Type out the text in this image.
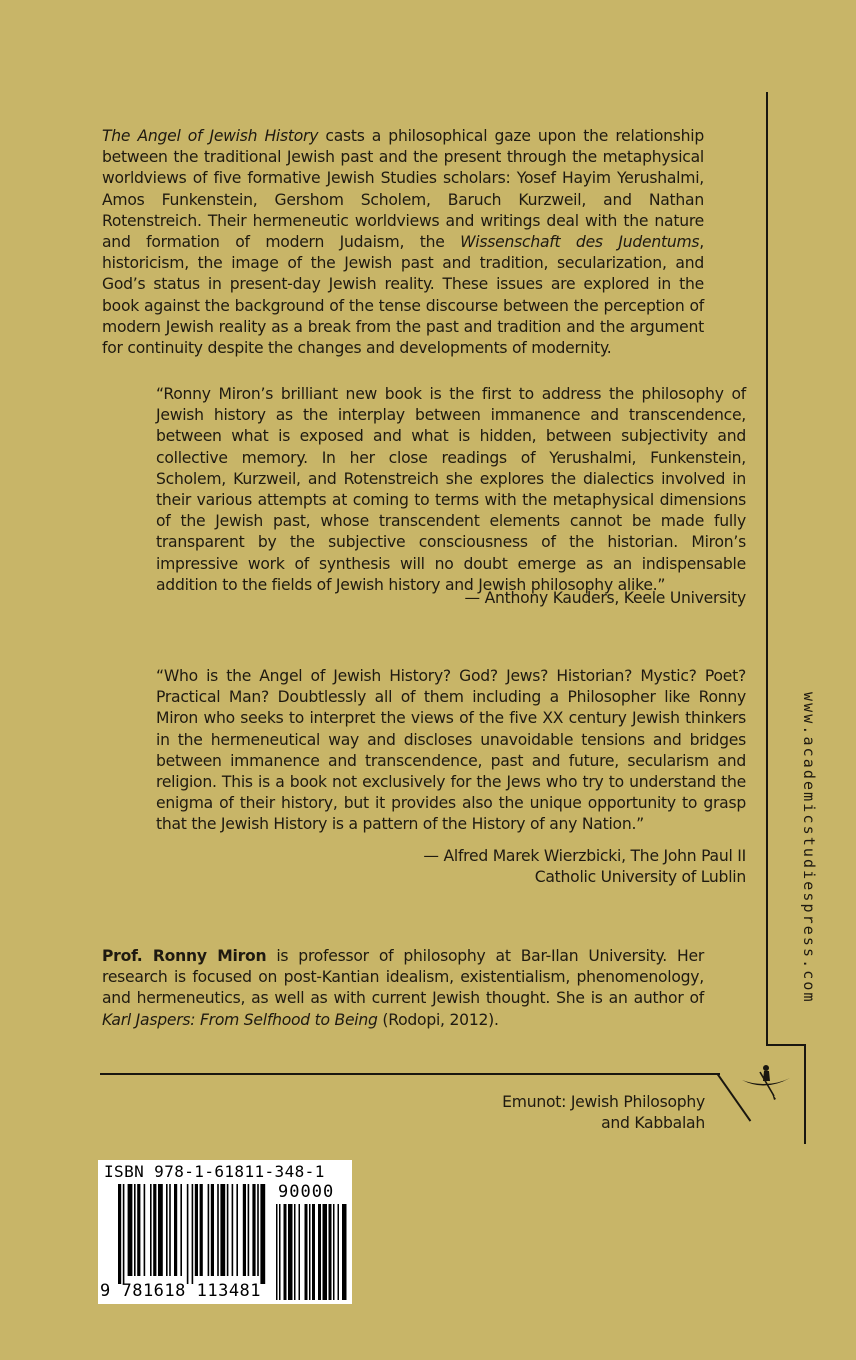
The Angel of Jewish History casts a philosophical gaze upon the relationship between the traditional Jewish past and the present through the metaphysical worldviews of five formative Jewish Studies scholars: Yosef Hayim Yerushalmi, Amos Funkenstein, Gershom Scholem, Baruch Kurzweil, and Nathan Rotenstreich. Their hermeneutic worldviews and writings deal with the nature and formation of modern Judaism, the Wissenschaft des Judentums, historicism, the image of the Jewish past and tradition, secularization, and God’s status in present-day Jewish reality. These issues are explored in the book against the background of the tense discourse between the perception of modern Jewish reality as a break from the past and tradition and the argument for continuity despite the changes and developments of modernity.
“Ronny Miron’s brilliant new book is the first to address the philosophy of Jewish history as the interplay between immanence and transcendence, between what is exposed and what is hidden, between subjectivity and collective memory. In her close readings of Yerushalmi, Funkenstein, Scholem, Kurzweil, and Rotenstreich she explores the dialectics involved in their various attempts at coming to terms with the metaphysical dimensions of the Jewish past, whose transcendent elements cannot be made fully transparent by the subjective consciousness of the historian. Miron’s impressive work of synthesis will no doubt emerge as an indispensable addition to the fields of Jewish history and Jewish philosophy alike.”
— Anthony Kauders, Keele University
“Who is the Angel of Jewish History? God? Jews? Historian? Mystic? Poet? Practical Man? Doubtlessly all of them including a Philosopher like Ronny Miron who seeks to interpret the views of the five XX century Jewish thinkers in the hermeneutical way and discloses unavoidable tensions and bridges between immanence and transcendence, past and future, secularism and religion. This is a book not exclusively for the Jews who try to understand the enigma of their history, but it provides also the unique opportunity to grasp that the Jewish History is a pattern of the History of any Nation.”
— Alfred Marek Wierzbicki, The John Paul II
Catholic University of Lublin
Prof. Ronny Miron is professor of philosophy at Bar-Ilan University. Her research is focused on post-Kantian idealism, existentialism, phenomenology, and hermeneutics, as well as with current Jewish thought. She is an author of Karl Jaspers: From Selfhood to Being (Rodopi, 2012).
www.academicstudiespress.com
Emunot: Jewish Philosophy
and Kabbalah
ISBN 978-1-61811-348-1
90000
9 781618 113481
